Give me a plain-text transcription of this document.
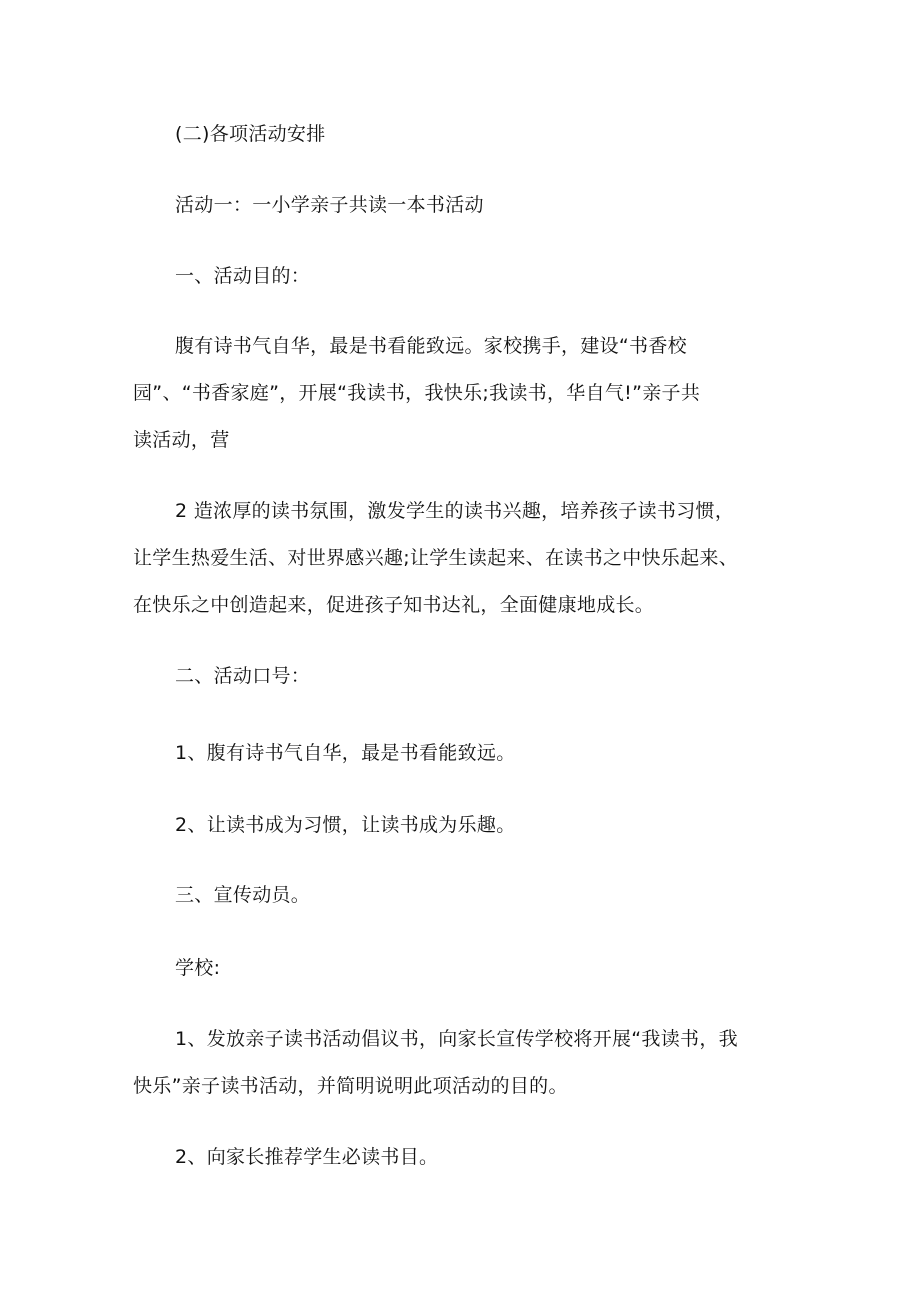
(二)各项活动安排
活动一：一小学亲子共读一本书活动
一、活动目的：
腹有诗书气自华，最是书看能致远。家校携手，建设“书香校
园”、“书香家庭”，开展“我读书，我快乐;我读书，华自气!”亲子共
读活动，营
2 造浓厚的读书氛围，激发学生的读书兴趣，培养孩子读书习惯，
让学生热爱生活、对世界感兴趣;让学生读起来、在读书之中快乐起来、
在快乐之中创造起来，促进孩子知书达礼，全面健康地成长。
二、活动口号：
1、腹有诗书气自华，最是书看能致远。
2、让读书成为习惯，让读书成为乐趣。
三、宣传动员。
学校:
1、发放亲子读书活动倡议书，向家长宣传学校将开展“我读书，我
快乐”亲子读书活动，并简明说明此项活动的目的。
2、向家长推荐学生必读书目。
